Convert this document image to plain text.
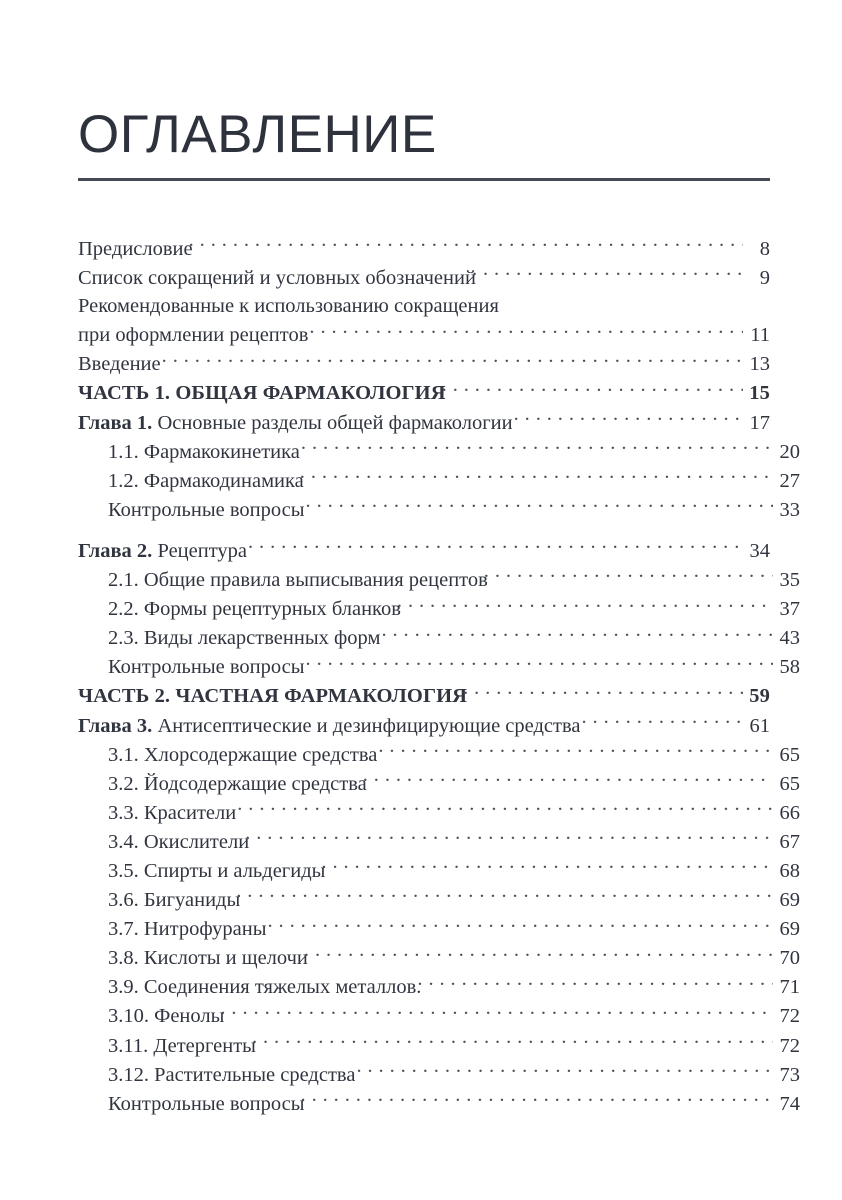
ОГЛАВЛЕНИЕ
Предисловие . . .	8
Список сокращений и условных обозначений . . .	9
Рекомендованные к использованию сокращения
при оформлении рецептов . . .	11
Введение . . .	13
ЧАСТЬ 1. ОБЩАЯ ФАРМАКОЛОГИЯ . . .	15
Глава 1. Основные разделы общей фармакологии . . .	17
1.1. Фармакокинетика . . .	20
1.2. Фармакодинамика . . .	27
Контрольные вопросы . . .	33
Глава 2. Рецептура . . .	34
2.1. Общие правила выписывания рецептов . . .	35
2.2. Формы рецептурных бланков . . .	37
2.3. Виды лекарственных форм . . .	43
Контрольные вопросы . . .	58
ЧАСТЬ 2. ЧАСТНАЯ ФАРМАКОЛОГИЯ . . .	59
Глава 3. Антисептические и дезинфицирующие средства . . .	61
3.1. Хлорсодержащие средства . . .	65
3.2. Йодсодержащие средства . . .	65
3.3. Красители . . .	66
3.4. Окислители . . .	67
3.5. Спирты и альдегиды . . .	68
3.6. Бигуаниды . . .	69
3.7. Нитрофураны . . .	69
3.8. Кислоты и щелочи . . .	70
3.9. Соединения тяжелых металлов. . . .	71
3.10. Фенолы . . .	72
3.11. Детергенты . . .	72
3.12. Растительные средства . . .	73
Контрольные вопросы . . .	74
